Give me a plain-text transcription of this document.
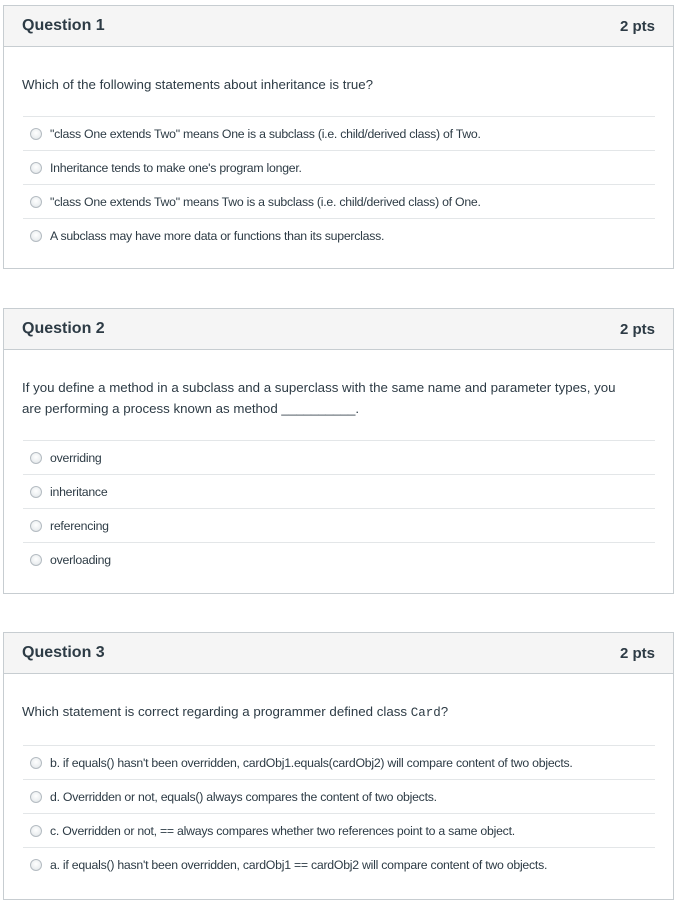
Question 1	2 pts
Which of the following statements about inheritance is true?
"class One extends Two" means One is a subclass (i.e. child/derived class) of Two.
Inheritance tends to make one's program longer.
"class One extends Two" means Two is a subclass (i.e. child/derived class) of One.
A subclass may have more data or functions than its superclass.
Question 2	2 pts
If you define a method in a subclass and a superclass with the same name and parameter types, you
are performing a process known as method __________.
overriding
inheritance
referencing
overloading
Question 3	2 pts
Which statement is correct regarding a programmer defined class Card?
b. if equals() hasn't been overridden, cardObj1.equals(cardObj2) will compare content of two objects.
d. Overridden or not, equals() always compares the content of two objects.
c. Overridden or not, == always compares whether two references point to a same object.
a. if equals() hasn't been overridden, cardObj1 == cardObj2 will compare content of two objects.
